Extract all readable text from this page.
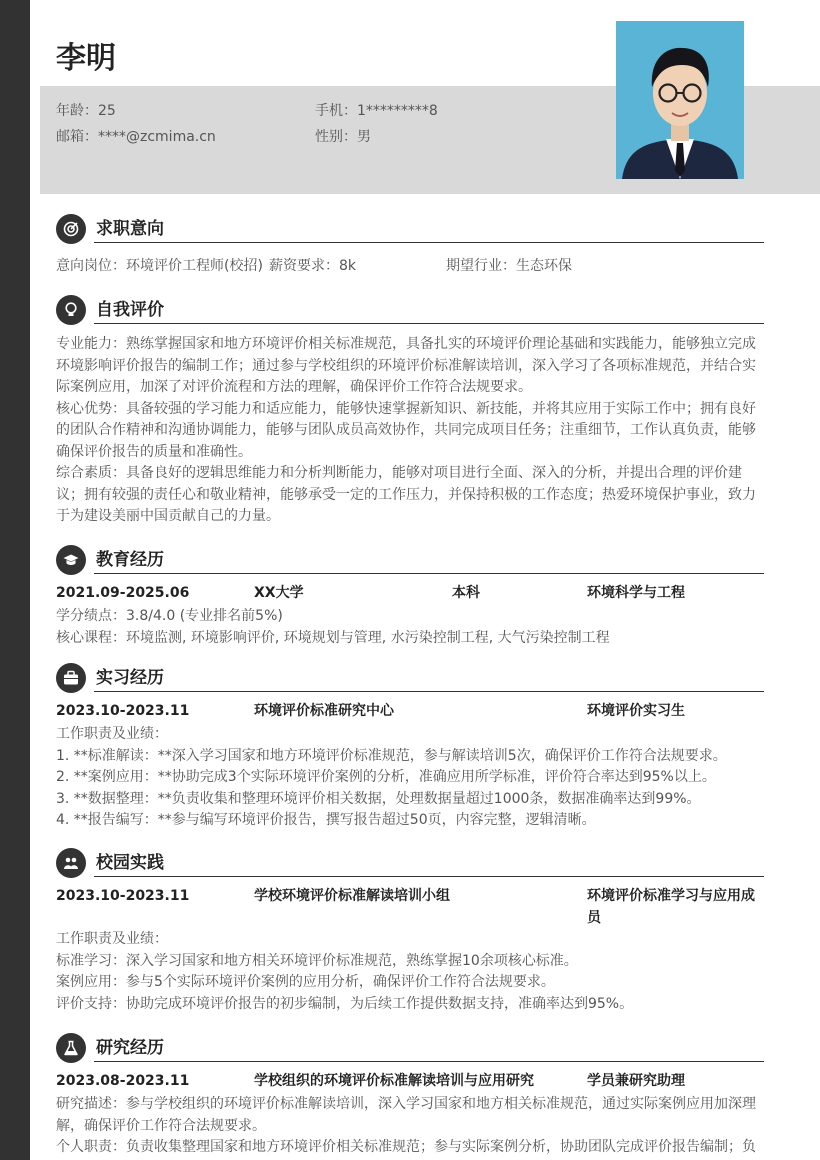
李明
年龄：25	手机：1*********8
邮箱：****@zcmima.cn	性别：男
求职意向
意向岗位：环境评价工程师(校招) 薪资要求：8k	期望行业：生态环保
自我评价

专业能力：熟练掌握国家和地方环境评价相关标准规范，具备扎实的环境评价理论基础和实践能力，能够独立完成环境影响评价报告的编制工作；通过参与学校组织的环境评价标准解读培训，深入学习了各项标准规范，并结合实际案例应用，加深了对评价流程和方法的理解，确保评价工作符合法规要求。

核心优势：具备较强的学习能力和适应能力，能够快速掌握新知识、新技能，并将其应用于实际工作中；拥有良好的团队合作精神和沟通协调能力，能够与团队成员高效协作，共同完成项目任务；注重细节，工作认真负责，能够确保评价报告的质量和准确性。

综合素质：具备良好的逻辑思维能力和分析判断能力，能够对项目进行全面、深入的分析，并提出合理的评价建议；拥有较强的责任心和敬业精神，能够承受一定的工作压力，并保持积极的工作态度；热爱环境保护事业，致力于为建设美丽中国贡献自己的力量。

教育经历
2021.09-2025.06	XX大学	本科	环境科学与工程

学分绩点：3.8/4.0 (专业排名前5%)

核心课程：环境监测, 环境影响评价, 环境规划与管理, 水污染控制工程, 大气污染控制工程

实习经历
2023.10-2023.11	环境评价标准研究中心	环境评价实习生

工作职责及业绩：

1. **标准解读：**深入学习国家和地方环境评价标准规范，参与解读培训5次，确保评价工作符合法规要求。

2. **案例应用：**协助完成3个实际环境评价案例的分析，准确应用所学标准，评价符合率达到95%以上。

3. **数据整理：**负责收集和整理环境评价相关数据，处理数据量超过1000条，数据准确率达到99%。

4. **报告编写：**参与编写环境评价报告，撰写报告超过50页，内容完整，逻辑清晰。

校园实践
2023.10-2023.11	学校环境评价标准解读培训小组	环境评价标准学习与应用成员

工作职责及业绩：

标准学习：深入学习国家和地方相关环境评价标准规范，熟练掌握10余项核心标准。

案例应用：参与5个实际环境评价案例的应用分析，确保评价工作符合法规要求。

评价支持：协助完成环境评价报告的初步编制，为后续工作提供数据支持，准确率达到95%。

研究经历
2023.08-2023.11	学校组织的环境评价标准解读培训与应用研究	学员兼研究助理

研究描述：参与学校组织的环境评价标准解读培训，深入学习国家和地方相关标准规范，通过实际案例应用加深理解，确保评价工作符合法规要求。

个人职责：负责收集整理国家和地方环境评价相关标准规范；参与实际案例分析，协助团队完成评价报告编制；负
